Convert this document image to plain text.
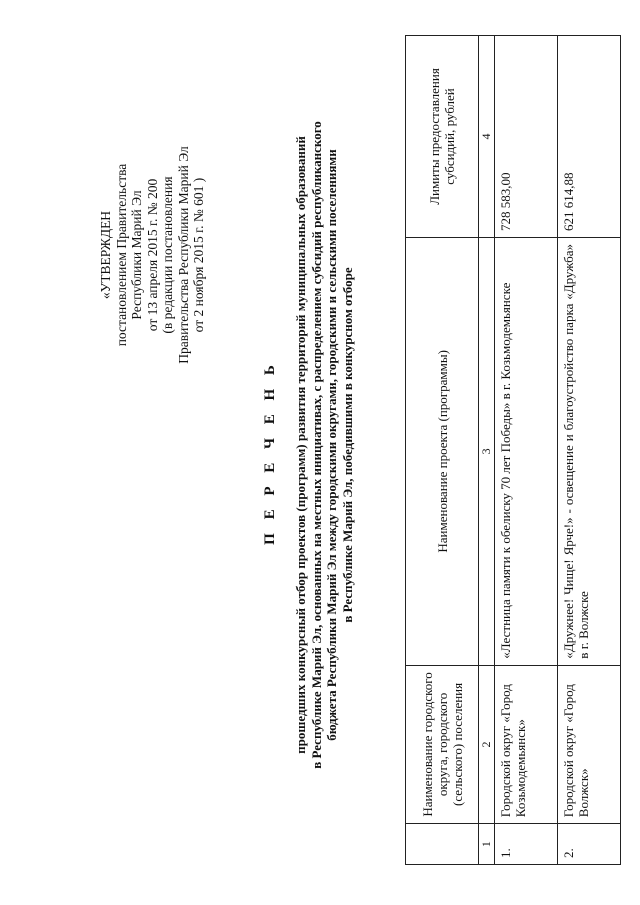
«УТВЕРЖДЕН постановлением Правительства Республики Марий Эл от 13 апреля 2015 г. № 200 (в редакции постановления Правительства Республики Марий Эл от 2 ноября 2015 г. № 601 )
П Е Р Е Ч Е Н Ь прошедших конкурсный отбор проектов (программ) развития территорий муниципальных образований в Республике Марий Эл, основанных на местных инициативах, с распределением субсидий республиканского бюджета Республики Марий Эл между городскими округами, городскими и сельскими поселениями в Республике Марий Эл, победившими в конкурсном отборе
	Наименование городского округа, городского (сельского) поселения	Наименование проекта (программы)	Лимиты предоставления субсидий, рублей
1	2	3	4
1.	Городской округ «Город Козьмодемьянск»	«Лестница памяти к обелиску 70 лет Победы» в г. Козьмодемьянске	728 583,00
2.	Городской округ «Город Волжск»	«Дружнее! Чище! Ярче!» - освещение и благоустройство парка «Дружба» в г. Волжске	621 614,88
